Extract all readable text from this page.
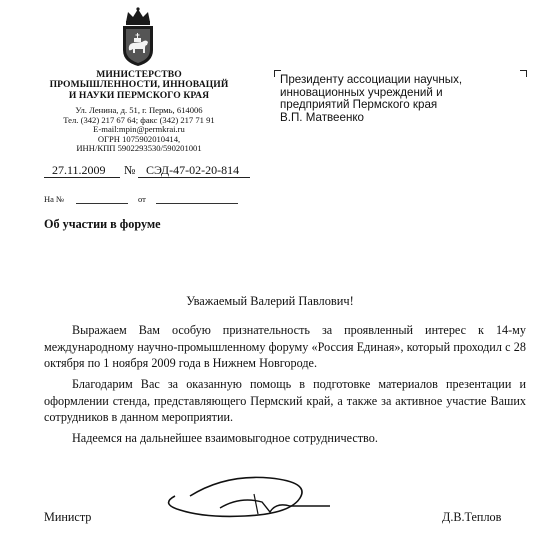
МИНИСТЕРСТВО
ПРОМЫШЛЕННОСТИ, ИННОВАЦИЙ
И НАУКИ ПЕРМСКОГО КРАЯ
Ул. Ленина, д. 51, г. Пермь, 614006
Тел. (342) 217 67 64; факс (342) 217 71 91
E-mail:mpin@permkrai.ru
ОГРН 1075902010414,
ИНН/КПП 5902293530/590201001
27.11.2009 № СЭД-47-02-20-814
На №	от
Об участии в форуме
Президенту ассоциации научных,
инновационных учреждений и
предприятий Пермского края
В.П. Матвеенко
Уважаемый Валерий Павлович!

Выражаем Вам особую признательность за проявленный интерес к 14-му международному научно-промышленному форуму «Россия Единая», который проходил с 28 октября по 1 ноября 2009 года в Нижнем Новгороде.

Благодарим Вас за оказанную помощь в подготовке материалов презентации и оформлении стенда, представляющего Пермский край, а также за активное участие Ваших сотрудников в данном мероприятии.

Надеемся на дальнейшее взаимовыгодное сотрудничество.

Министр	Д.В.Теплов
